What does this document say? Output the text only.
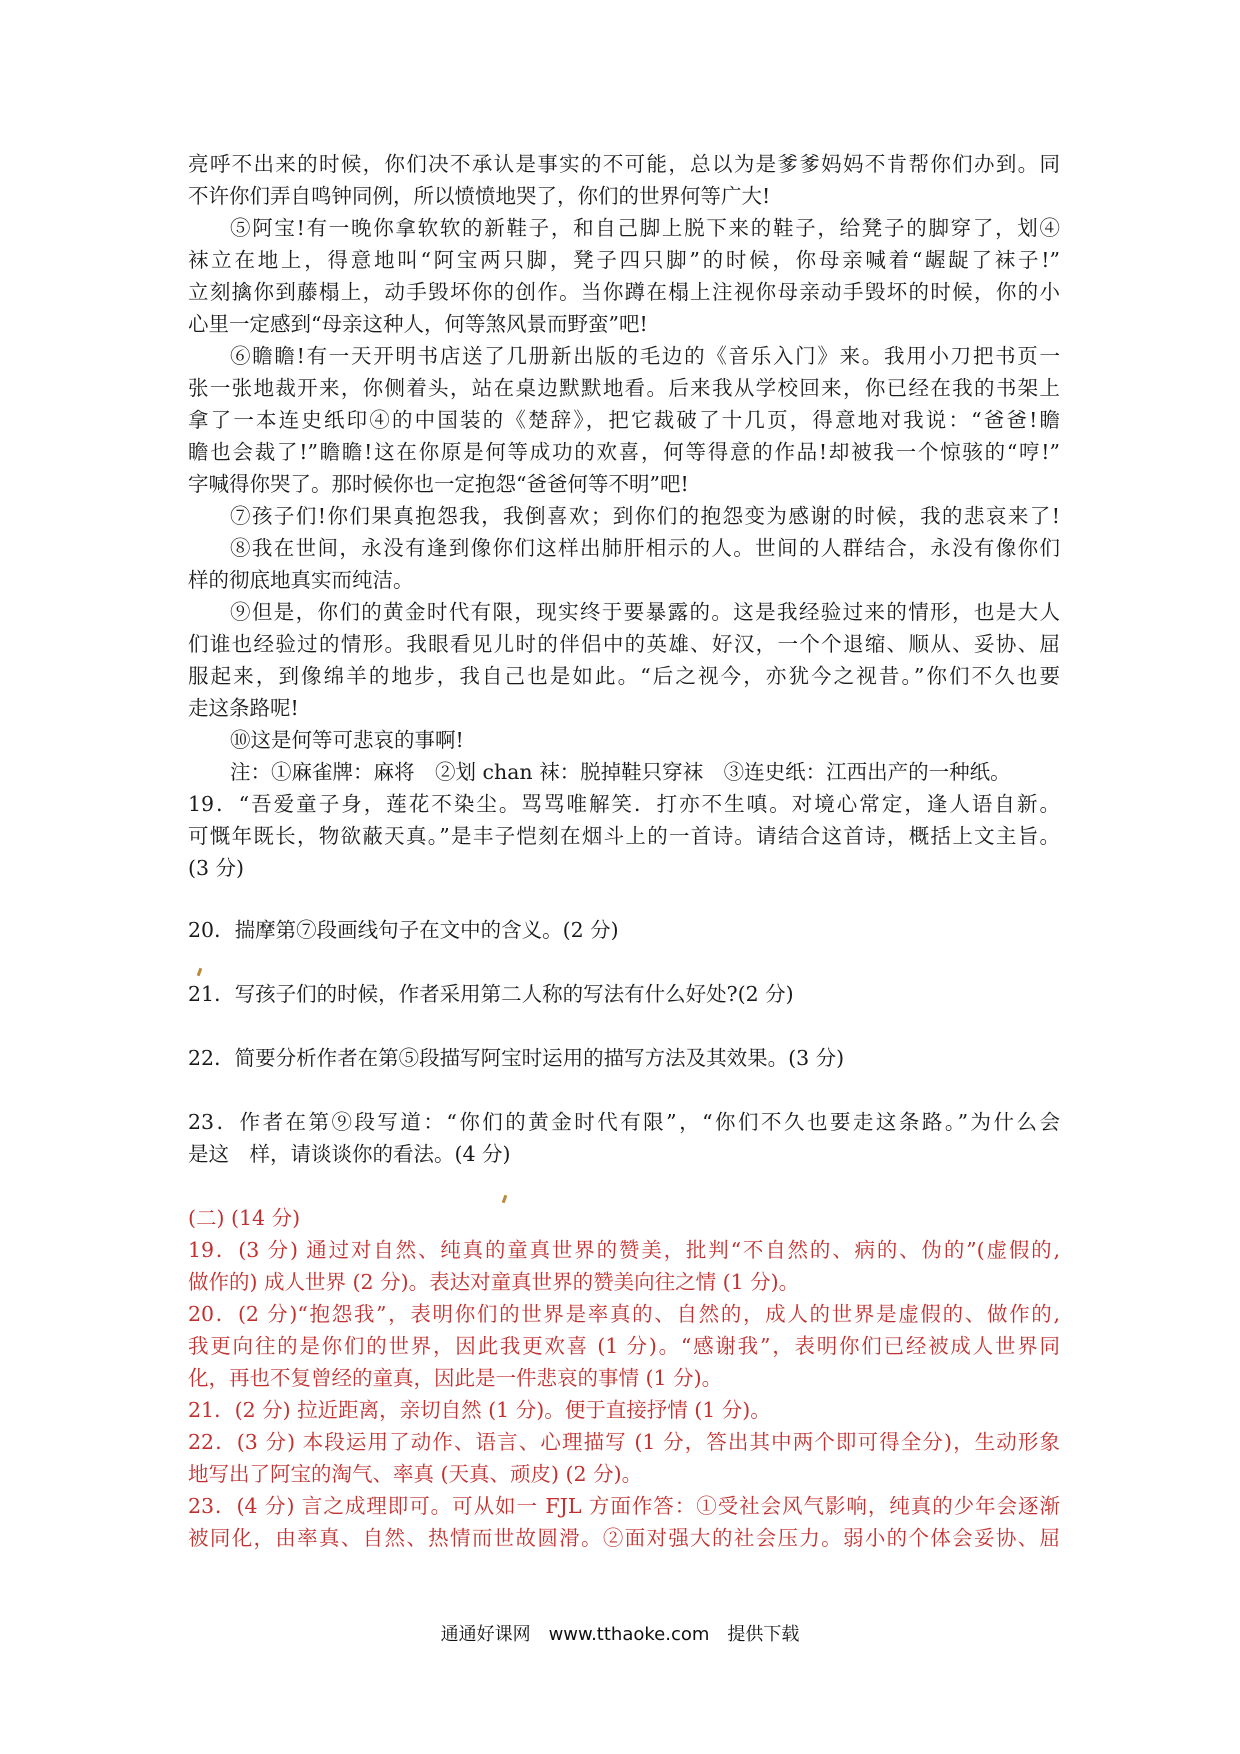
亮呼不出来的时候，你们决不承认是事实的不可能，总以为是爹爹妈妈不肯帮你们办到。同
不许你们弄自鸣钟同例，所以愤愤地哭了，你们的世界何等广大!
⑤阿宝!有一晚你拿软软的新鞋子，和自己脚上脱下来的鞋子，给凳子的脚穿了，划④
袜立在地上，得意地叫“阿宝两只脚，凳子四只脚”的时候，你母亲喊着“龌龊了袜子!”
立刻擒你到藤榻上，动手毁坏你的创作。当你蹲在榻上注视你母亲动手毁坏的时候，你的小
心里一定感到“母亲这种人，何等煞风景而野蛮”吧!
⑥瞻瞻!有一天开明书店送了几册新出版的毛边的《音乐入门》来。我用小刀把书页一
张一张地裁开来，你侧着头，站在桌边默默地看。后来我从学校回来，你已经在我的书架上
拿了一本连史纸印④的中国装的《楚辞》，把它裁破了十几页，得意地对我说：“爸爸!瞻
瞻也会裁了!”瞻瞻!这在你原是何等成功的欢喜，何等得意的作品!却被我一个惊骇的“哼!”
字喊得你哭了。那时候你也一定抱怨“爸爸何等不明”吧!
⑦孩子们!你们果真抱怨我，我倒喜欢；到你们的抱怨变为感谢的时候，我的悲哀来了!
⑧我在世间，永没有逢到像你们这样出肺肝相示的人。世间的人群结合，永没有像你们
样的彻底地真实而纯洁。
⑨但是，你们的黄金时代有限，现实终于要暴露的。这是我经验过来的情形，也是大人
们谁也经验过的情形。我眼看见儿时的伴侣中的英雄、好汉，一个个退缩、顺从、妥协、屈
服起来，到像绵羊的地步，我自己也是如此。“后之视今，亦犹今之视昔。”你们不久也要
走这条路呢!
⑩这是何等可悲哀的事啊!
注：①麻雀牌：麻将　②划 chan 袜：脱掉鞋只穿袜　③连史纸：江西出产的一种纸。
19．“吾爱童子身，莲花不染尘。骂骂唯解笑．打亦不生嗔。对境心常定，逢人语自新。
可慨年既长，物欲蔽天真。”是丰子恺刻在烟斗上的一首诗。请结合这首诗，概括上文主旨。
(3 分)
20．揣摩第⑦段画线句子在文中的含义。(2 分)
21．写孩子们的时候，作者采用第二人称的写法有什么好处?(2 分)
22．简要分析作者在第⑤段描写阿宝时运用的描写方法及其效果。(3 分)
23．作者在第⑨段写道：“你们的黄金时代有限”，“你们不久也要走这条路。”为什么会
是这　样，请谈谈你的看法。(4 分)
(二) (14 分)
19．(3 分) 通过对自然、纯真的童真世界的赞美，批判“不自然的、病的、伪的”(虚假的,
做作的) 成人世界 (2 分)。表达对童真世界的赞美向往之情 (1 分)。
20．(2 分)“抱怨我”，表明你们的世界是率真的、自然的，成人的世界是虚假的、做作的,
我更向往的是你们的世界，因此我更欢喜 (1 分)。“感谢我”，表明你们已经被成人世界同
化，再也不复曾经的童真，因此是一件悲哀的事情 (1 分)。
21．(2 分) 拉近距离，亲切自然 (1 分)。便于直接抒情 (1 分)。
22．(3 分) 本段运用了动作、语言、心理描写 (1 分，答出其中两个即可得全分)，生动形象
地写出了阿宝的淘气、率真 (天真、顽皮) (2 分)。
23．(4 分) 言之成理即可。可从如一 FJL 方面作答：①受社会风气影响，纯真的少年会逐渐
被同化，由率真、自然、热情而世故圆滑。②面对强大的社会压力。弱小的个体会妥协、屈
通通好课网　www.tthaoke.com　提供下载
